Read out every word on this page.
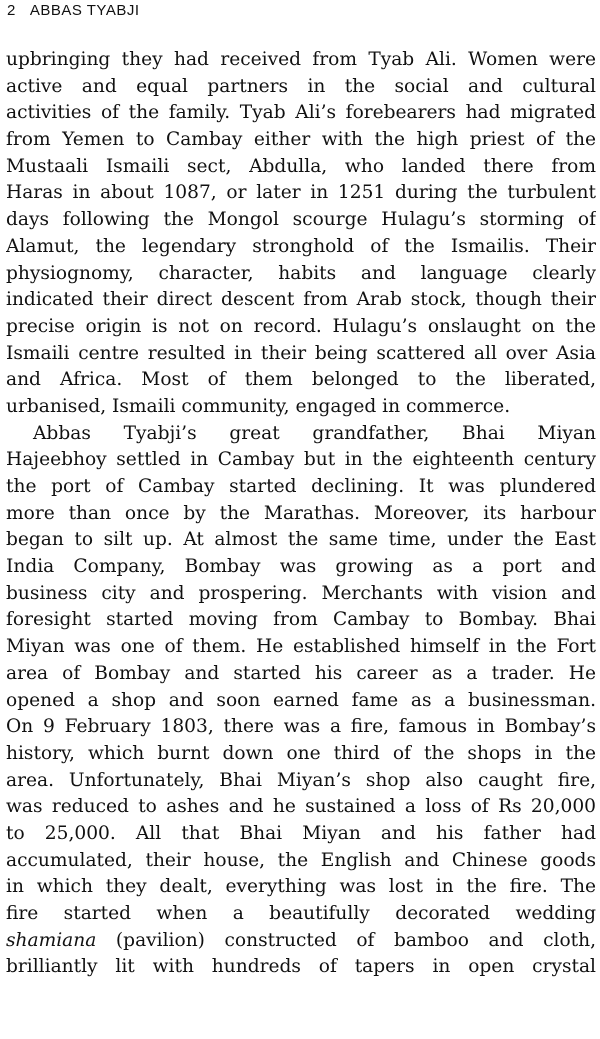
2 ABBAS TYABJI
upbringing they had received from Tyab Ali. Women were
active and equal partners in the social and cultural
activities of the family. Tyab Ali’s forebearers had migrated
from Yemen to Cambay either with the high priest of the
Mustaali Ismaili sect, Abdulla, who landed there from
Haras in about 1087, or later in 1251 during the turbulent
days following the Mongol scourge Hulagu’s storming of
Alamut, the legendary stronghold of the Ismailis. Their
physiognomy, character, habits and language clearly
indicated their direct descent from Arab stock, though their
precise origin is not on record. Hulagu’s onslaught on the
Ismaili centre resulted in their being scattered all over Asia
and Africa. Most of them belonged to the liberated,
urbanised, Ismaili community, engaged in commerce.
Abbas Tyabji’s great grandfather, Bhai Miyan
Hajeebhoy settled in Cambay but in the eighteenth century
the port of Cambay started declining. It was plundered
more than once by the Marathas. Moreover, its harbour
began to silt up. At almost the same time, under the East
India Company, Bombay was growing as a port and
business city and prospering. Merchants with vision and
foresight started moving from Cambay to Bombay. Bhai
Miyan was one of them. He established himself in the Fort
area of Bombay and started his career as a trader. He
opened a shop and soon earned fame as a businessman.
On 9 February 1803, there was a fire, famous in Bombay’s
history, which burnt down one third of the shops in the
area. Unfortunately, Bhai Miyan’s shop also caught fire,
was reduced to ashes and he sustained a loss of Rs 20,000
to 25,000. All that Bhai Miyan and his father had
accumulated, their house, the English and Chinese goods
in which they dealt, everything was lost in the fire. The
fire started when a beautifully decorated wedding
shamiana (pavilion) constructed of bamboo and cloth,
brilliantly lit with hundreds of tapers in open crystal
